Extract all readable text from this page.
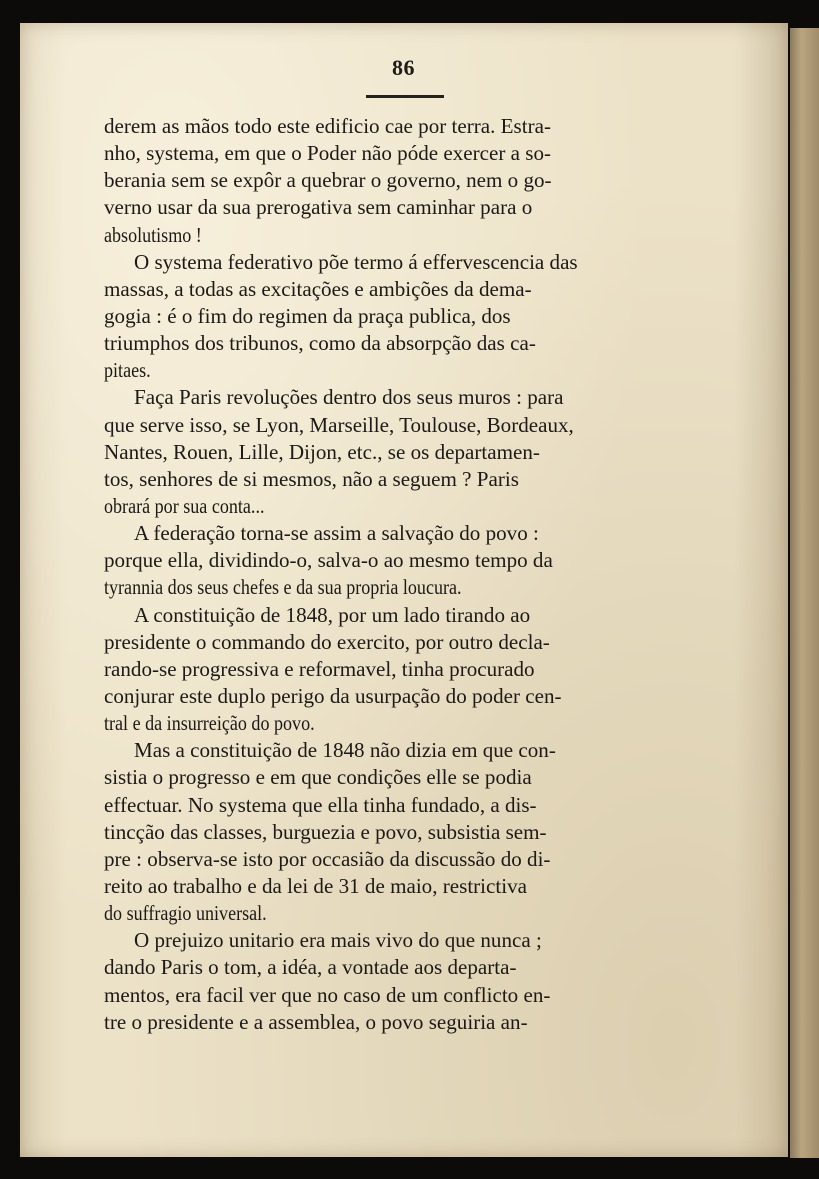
86
derem as mãos todo este edificio cae por terra. Estra-
nho, systema, em que o Poder não póde exercer a so-
berania sem se expôr a quebrar o governo, nem o go-
verno usar da sua prerogativa sem caminhar para o
absolutismo !
O systema federativo põe termo á effervescencia das
massas, a todas as excitações e ambições da dema-
gogia : é o fim do regimen da praça publica, dos
triumphos dos tribunos, como da absorpção das ca-
pitaes.
Faça Paris revoluções dentro dos seus muros : para
que serve isso, se Lyon, Marseille, Toulouse, Bordeaux,
Nantes, Rouen, Lille, Dijon, etc., se os departamen-
tos, senhores de si mesmos, não a seguem ? Paris
obrará por sua conta...
A federação torna-se assim a salvação do povo :
porque ella, dividindo-o, salva-o ao mesmo tempo da
tyrannia dos seus chefes e da sua propria loucura.
A constituição de 1848, por um lado tirando ao
presidente o commando do exercito, por outro decla-
rando-se progressiva e reformavel, tinha procurado
conjurar este duplo perigo da usurpação do poder cen-
tral e da insurreição do povo.
Mas a constituição de 1848 não dizia em que con-
sistia o progresso e em que condições elle se podia
effectuar. No systema que ella tinha fundado, a dis-
tincção das classes, burguezia e povo, subsistia sem-
pre : observa-se isto por occasião da discussão do di-
reito ao trabalho e da lei de 31 de maio, restrictiva
do suffragio universal.
O prejuizo unitario era mais vivo do que nunca ;
dando Paris o tom, a idéa, a vontade aos departa-
mentos, era facil ver que no caso de um conflicto en-
tre o presidente e a assemblea, o povo seguiria an-
